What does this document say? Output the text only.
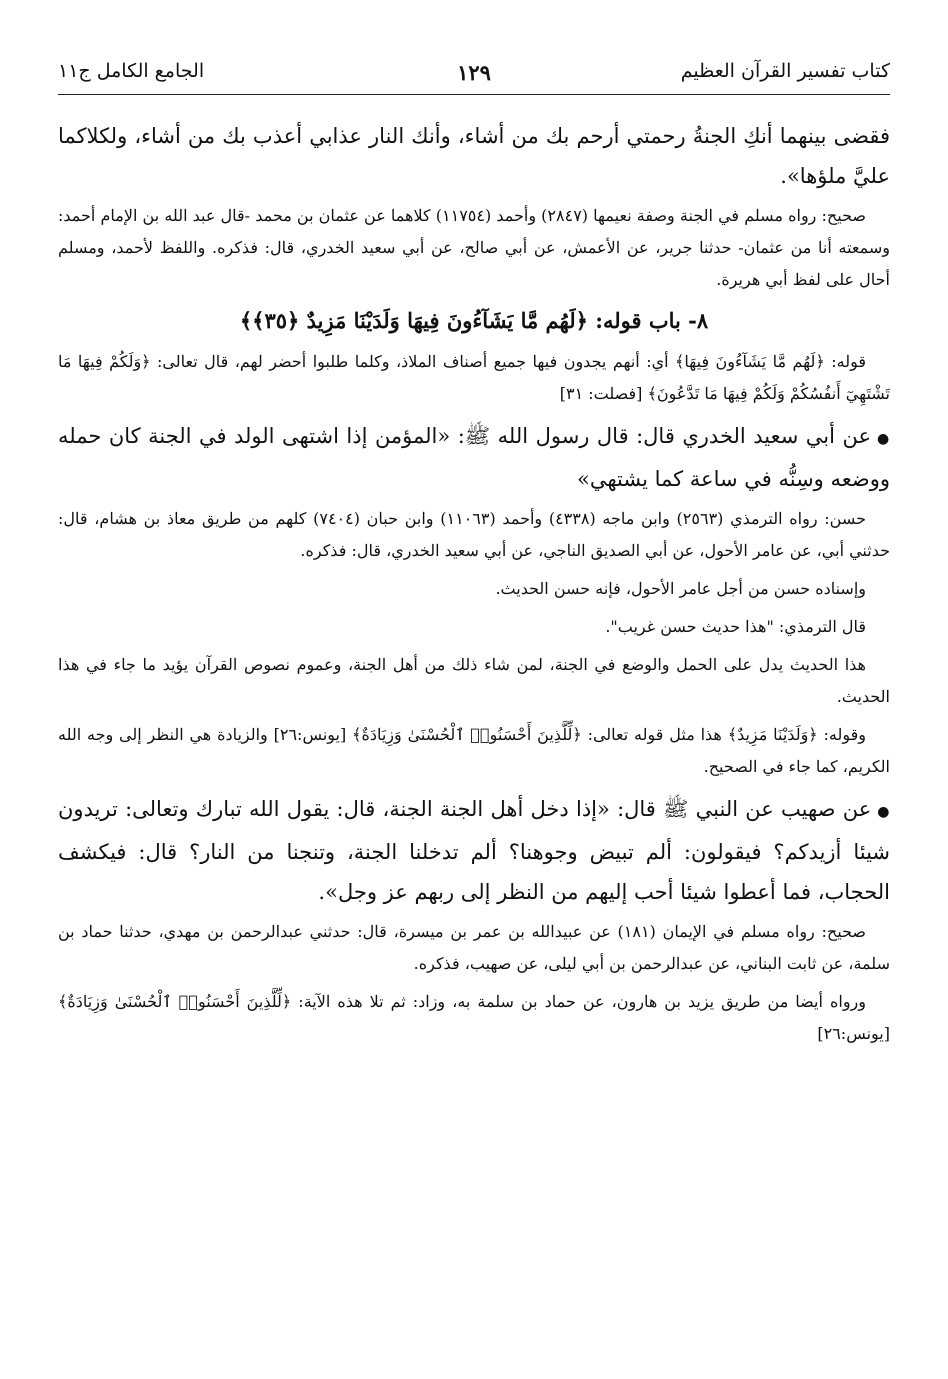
كتاب تفسير القرآن العظيم
١٢٩
الجامع الكامل ج١١

فقضى بينهما أنكِ الجنةُ رحمتي أرحم بك من أشاء، وأنك النار عذابي أعذب بك من أشاء، ولكلاكما عليَّ ملؤها».

صحيح: رواه مسلم في الجنة وصفة نعيمها (٢٨٤٧) وأحمد (١١٧٥٤) كلاهما عن عثمان بن محمد -قال عبد الله بن الإمام أحمد: وسمعته أنا من عثمان- حدثنا جرير، عن الأعمش، عن أبي صالح، عن أبي سعيد الخدري، قال: فذكره. واللفظ لأحمد، ومسلم أحال على لفظ أبي هريرة.

٨- باب قوله: ﴿لَهُم مَّا يَشَآءُونَ فِيهَا وَلَدَيْنَا مَزِيدٌ ﴿٣٥﴾﴾

قوله: ﴿لَهُم مَّا يَشَآءُونَ فِيهَا﴾ أي: أنهم يجدون فيها جميع أصناف الملاذ، وكلما طلبوا أحضر لهم، قال تعالى: ﴿وَلَكُمْ فِيهَا مَا تَشْتَهِيٓ أَنفُسُكُمْ وَلَكُمْ فِيهَا مَا تَدَّعُونَ﴾ [فصلت: ٣١]

●عن أبي سعيد الخدري قال: قال رسول الله ﷺ: «المؤمن إذا اشتهى الولد في الجنة كان حمله ووضعه وسِنُّه في ساعة كما يشتهي»

حسن: رواه الترمذي (٢٥٦٣) وابن ماجه (٤٣٣٨) وأحمد (١١٠٦٣) وابن حبان (٧٤٠٤) كلهم من طريق معاذ بن هشام، قال: حدثني أبي، عن عامر الأحول، عن أبي الصديق الناجي، عن أبي سعيد الخدري، قال: فذكره.

وإسناده حسن من أجل عامر الأحول، فإنه حسن الحديث.

قال الترمذي: "هذا حديث حسن غريب".

هذا الحديث يدل على الحمل والوضع في الجنة، لمن شاء ذلك من أهل الجنة، وعموم نصوص القرآن يؤيد ما جاء في هذا الحديث.

وقوله: ﴿وَلَدَيْنَا مَزِيدٌ﴾ هذا مثل قوله تعالى: ﴿لِّلَّذِينَ أَحْسَنُوا۟ ٱلْحُسْنَىٰ وَزِيَادَةٌ﴾ [يونس:٢٦] والزيادة هي النظر إلى وجه الله الكريم، كما جاء في الصحيح.

●عن صهيب عن النبي ﷺ قال: «إذا دخل أهل الجنة الجنة، قال: يقول الله تبارك وتعالى: تريدون شيئا أزيدكم؟ فيقولون: ألم تبيض وجوهنا؟ ألم تدخلنا الجنة، وتنجنا من النار؟ قال: فيكشف الحجاب، فما أعطوا شيئا أحب إليهم من النظر إلى ربهم عز وجل».

صحيح: رواه مسلم في الإيمان (١٨١) عن عبيدالله بن عمر بن ميسرة، قال: حدثني عبدالرحمن بن مهدي، حدثنا حماد بن سلمة، عن ثابت البناني، عن عبدالرحمن بن أبي ليلى، عن صهيب، فذكره.

ورواه أيضا من طريق يزيد بن هارون، عن حماد بن سلمة به، وزاد: ثم تلا هذه الآية: ﴿لِّلَّذِينَ أَحْسَنُوا۟ ٱلْحُسْنَىٰ وَزِيَادَةٌ﴾ [يونس:٢٦]
